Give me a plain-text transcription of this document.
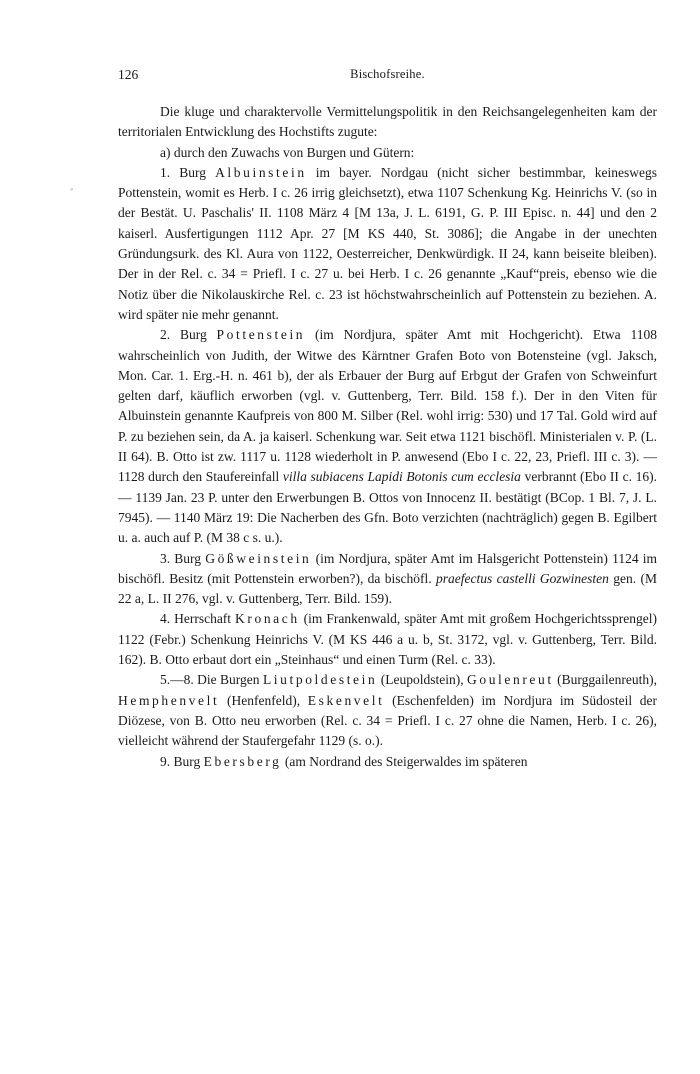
126	Bischofsreihe.
◦

Die kluge und charaktervolle Vermittelungspolitik in den Reichsangelegenheiten kam der territorialen Entwicklung des Hochstifts zugute:

a) durch den Zuwachs von Burgen und Gütern:

1. Burg Albuinstein im bayer. Nordgau (nicht sicher bestimmbar, keineswegs Pottenstein, womit es Herb. I c. 26 irrig gleichsetzt), etwa 1107 Schenkung Kg. Heinrichs V. (so in der Bestät. U. Paschalis' II. 1108 März 4 [M 13a, J. L. 6191, G. P. III Episc. n. 44] und den 2 kaiserl. Ausfertigungen 1112 Apr. 27 [M KS 440, St. 3086]; die Angabe in der unechten Gründungsurk. des Kl. Aura von 1122, Oesterreicher, Denkwürdigk. II 24, kann beiseite bleiben). Der in der Rel. c. 34 = Priefl. I c. 27 u. bei Herb. I c. 26 genannte „Kauf“preis, ebenso wie die Notiz über die Nikolauskirche Rel. c. 23 ist höchstwahrscheinlich auf Pottenstein zu beziehen. A. wird später nie mehr genannt.

2. Burg Pottenstein (im Nordjura, später Amt mit Hochgericht). Etwa 1108 wahrscheinlich von Judith, der Witwe des Kärntner Grafen Boto von Botensteine (vgl. Jaksch, Mon. Car. 1. Erg.-H. n. 461 b), der als Erbauer der Burg auf Erbgut der Grafen von Schweinfurt gelten darf, käuflich erworben (vgl. v. Guttenberg, Terr. Bild. 158 f.). Der in den Viten für Albuinstein genannte Kaufpreis von 800 M. Silber (Rel. wohl irrig: 530) und 17 Tal. Gold wird auf P. zu beziehen sein, da A. ja kaiserl. Schenkung war. Seit etwa 1121 bischöfl. Ministerialen v. P. (L. II 64). B. Otto ist zw. 1117 u. 1128 wiederholt in P. anwesend (Ebo I c. 22, 23, Priefl. III c. 3). — 1128 durch den Staufereinfall villa subiacens Lapidi Botonis cum ecclesia verbrannt (Ebo II c. 16). — 1139 Jan. 23 P. unter den Erwerbungen B. Ottos von Innocenz II. bestätigt (BCop. 1 Bl. 7, J. L. 7945). — 1140 März 19: Die Nacherben des Gfn. Boto verzichten (nachträglich) gegen B. Egilbert u. a. auch auf P. (M 38 c s. u.).

3. Burg Gößweinstein (im Nordjura, später Amt im Halsgericht Pottenstein) 1124 im bischöfl. Besitz (mit Pottenstein erworben?), da bischöfl. praefectus castelli Gozwinesten gen. (M 22 a, L. II 276, vgl. v. Guttenberg, Terr. Bild. 159).

4. Herrschaft Kronach (im Frankenwald, später Amt mit großem Hochgerichtssprengel) 1122 (Febr.) Schenkung Heinrichs V. (M KS 446 a u. b, St. 3172, vgl. v. Guttenberg, Terr. Bild. 162). B. Otto erbaut dort ein „Steinhaus“ und einen Turm (Rel. c. 33).

5.—8. Die Burgen Liutpoldestein (Leupoldstein), Goulenreut (Burggailenreuth), Hemphenvelt (Henfenfeld), Eskenvelt (Eschenfelden) im Nordjura im Südosteil der Diözese, von B. Otto neu erworben (Rel. c. 34 = Priefl. I c. 27 ohne die Namen, Herb. I c. 26), vielleicht während der Staufergefahr 1129 (s. o.).

9. Burg Ebersberg (am Nordrand des Steigerwaldes im späteren
